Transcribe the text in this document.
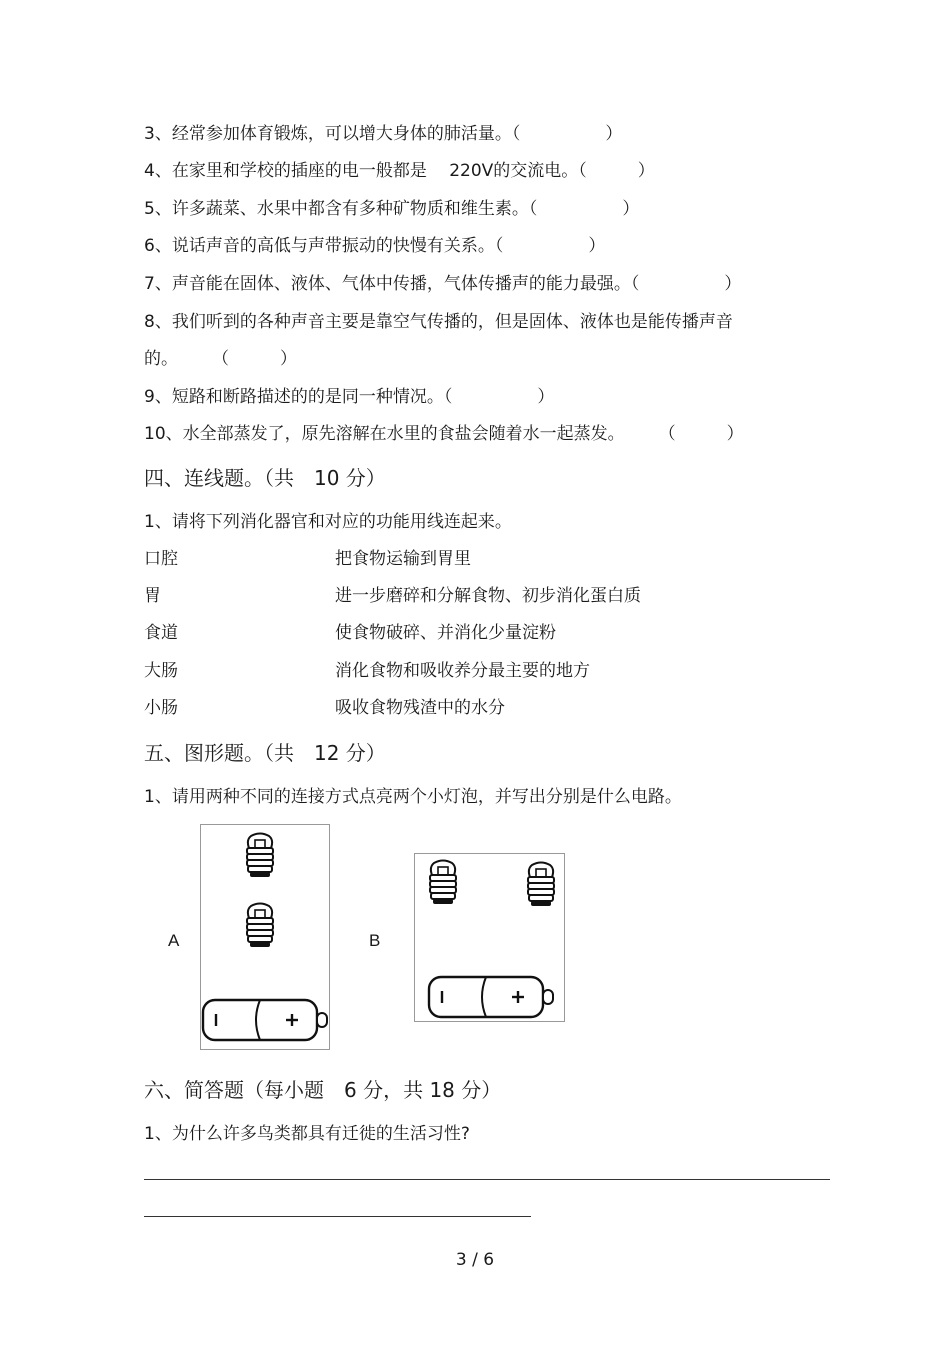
3、经常参加体育锻炼，可以增大身体的肺活量。（　　　　　）
4、在家里和学校的插座的电一般都是　 220V的交流电。（　　　）
5、许多蔬菜、水果中都含有多种矿物质和维生素。（　　　　　）
6、说话声音的高低与声带振动的快慢有关系。（　　　　　）
7、声音能在固体、液体、气体中传播，气体传播声的能力最强。（　　　　　）
8、我们听到的各种声音主要是靠空气传播的，但是固体、液体也是能传播声音
的。　　　（　　　）
9、短路和断路描述的的是同一种情况。（　　　　　）
10、水全部蒸发了，原先溶解在水里的食盐会随着水一起蒸发。　　　（　　　）
四、连线题。（共　10 分）
1、请将下列消化器官和对应的功能用线连起来。
口腔	把食物运输到胃里
胃	进一步磨碎和分解食物、初步消化蛋白质
食道	使食物破碎、并消化少量淀粉
大肠	消化食物和吸收养分最主要的地方
小肠	吸收食物残渣中的水分
五、图形题。（共　12 分）
1、请用两种不同的连接方式点亮两个小灯泡，并写出分别是什么电路。
A	B
六、简答题（每小题　6 分，共 18 分）
1、为什么许多鸟类都具有迁徙的生活习性?
3 / 6
